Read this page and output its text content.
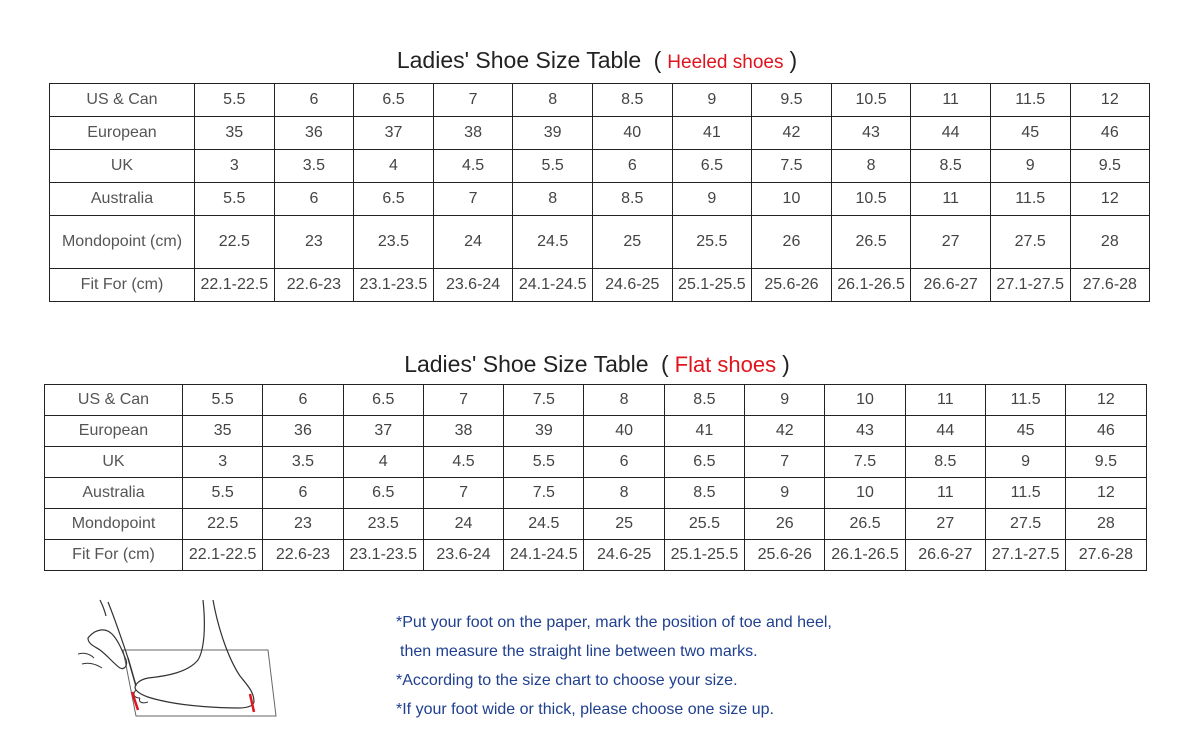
Ladies' Shoe Size Table ( Heeled shoes )
US & Can	5.5	6	6.5	7	8	8.5	9	9.5	10.5	11	11.5	12
European	35	36	37	38	39	40	41	42	43	44	45	46
UK	3	3.5	4	4.5	5.5	6	6.5	7.5	8	8.5	9	9.5
Australia	5.5	6	6.5	7	8	8.5	9	10	10.5	11	11.5	12
Mondopoint (cm)	22.5	23	23.5	24	24.5	25	25.5	26	26.5	27	27.5	28
Fit For (cm)	22.1-22.5	22.6-23	23.1-23.5	23.6-24	24.1-24.5	24.6-25	25.1-25.5	25.6-26	26.1-26.5	26.6-27	27.1-27.5	27.6-28
Ladies' Shoe Size Table ( Flat shoes )
US & Can	5.5	6	6.5	7	7.5	8	8.5	9	10	11	11.5	12
European	35	36	37	38	39	40	41	42	43	44	45	46
UK	3	3.5	4	4.5	5.5	6	6.5	7	7.5	8.5	9	9.5
Australia	5.5	6	6.5	7	7.5	8	8.5	9	10	11	11.5	12
Mondopoint	22.5	23	23.5	24	24.5	25	25.5	26	26.5	27	27.5	28
Fit For (cm)	22.1-22.5	22.6-23	23.1-23.5	23.6-24	24.1-24.5	24.6-25	25.1-25.5	25.6-26	26.1-26.5	26.6-27	27.1-27.5	27.6-28

*Put your foot on the paper, mark the position of toe and heel,

then measure the straight line between two marks.

*According to the size chart to choose your size.

*If your foot wide or thick, please choose one size up.
